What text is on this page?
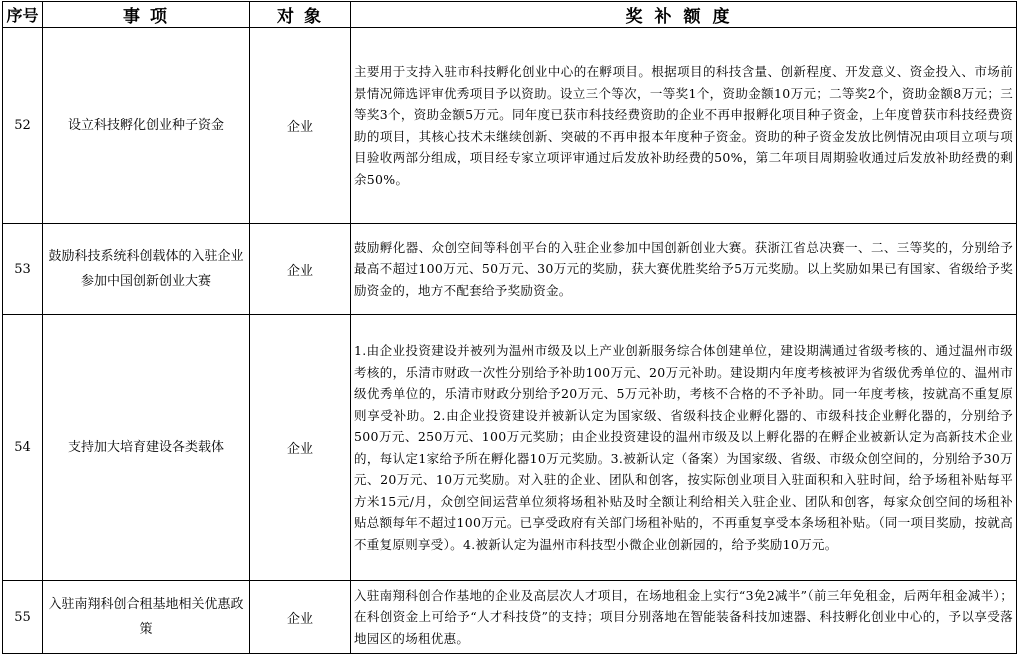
序号	事 项	对 象	奖补额度
52	设立科技孵化创业种子资金	企业	主要用于支持入驻市科技孵化创业中心的在孵项目。根据项目的科技含量、创新程度、开发意义、资金投入、市场前景情况筛选评审优秀项目予以资助。设立三个等次，一等奖1个，资助金额10万元；二等奖2个，资助金额8万元；三等奖3个，资助金额5万元。同年度已获市科技经费资助的企业不再申报孵化项目种子资金，上年度曾获市科技经费资助的项目，其核心技术未继续创新、突破的不再申报本年度种子资金。资助的种子资金发放比例情况由项目立项与项目验收两部分组成，项目经专家立项评审通过后发放补助经费的50%，第二年项目周期验收通过后发放补助经费的剩余50%。
53	鼓励科技系统科创载体的入驻企业参加中国创新创业大赛	企业	鼓励孵化器、众创空间等科创平台的入驻企业参加中国创新创业大赛。获浙江省总决赛一、二、三等奖的，分别给予最高不超过100万元、50万元、30万元的奖励，获大赛优胜奖给予5万元奖励。以上奖励如果已有国家、省级给予奖励资金的，地方不配套给予奖励资金。
54	支持加大培育建设各类载体	企业	1.由企业投资建设并被列为温州市级及以上产业创新服务综合体创建单位，建设期满通过省级考核的、通过温州市级考核的，乐清市财政一次性分别给予补助100万元、20万元补助。建设期内年度考核被评为省级优秀单位的、温州市级优秀单位的，乐清市财政分别给予20万元、5万元补助，考核不合格的不予补助。同一年度考核，按就高不重复原则享受补助。2.由企业投资建设并被新认定为国家级、省级科技企业孵化器的、市级科技企业孵化器的，分别给予500万元、250万元、100万元奖励；由企业投资建设的温州市级及以上孵化器的在孵企业被新认定为高新技术企业的，每认定1家给予所在孵化器10万元奖励。3.被新认定（备案）为国家级、省级、市级众创空间的，分别给予30万元、20万元、10万元奖励。对入驻的企业、团队和创客，按实际创业项目入驻面积和入驻时间，给予场租补贴每平方米15元/月，众创空间运营单位须将场租补贴及时全额让利给相关入驻企业、团队和创客，每家众创空间的场租补贴总额每年不超过100万元。已享受政府有关部门场租补贴的，不再重复享受本条场租补贴。（同一项目奖励，按就高不重复原则享受）。4.被新认定为温州市科技型小微企业创新园的，给予奖励10万元。
55	入驻南翔科创合租基地相关优惠政策	企业	入驻南翔科创合作基地的企业及高层次人才项目，在场地租金上实行“3免2减半”（前三年免租金，后两年租金减半）；在科创资金上可给予“人才科技贷”的支持；项目分别落地在智能装备科技加速器、科技孵化创业中心的，予以享受落地园区的场租优惠。
